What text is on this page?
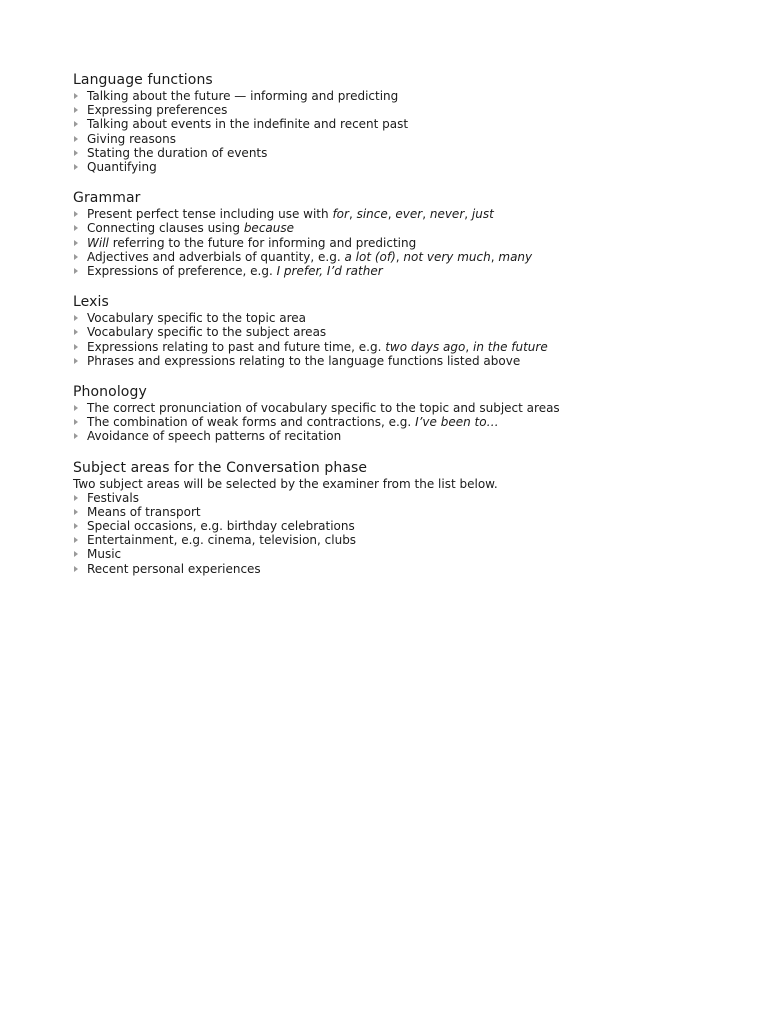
Language functions
Talking about the future — informing and predicting
Expressing preferences
Talking about events in the indefinite and recent past
Giving reasons
Stating the duration of events
Quantifying
Grammar
Present perfect tense including use with for, since, ever, never, just
Connecting clauses using because
Will referring to the future for informing and predicting
Adjectives and adverbials of quantity, e.g. a lot (of), not very much, many
Expressions of preference, e.g. I prefer, I’d rather
Lexis
Vocabulary specific to the topic area
Vocabulary specific to the subject areas
Expressions relating to past and future time, e.g. two days ago, in the future
Phrases and expressions relating to the language functions listed above
Phonology
The correct pronunciation of vocabulary specific to the topic and subject areas
The combination of weak forms and contractions, e.g. I’ve been to…
Avoidance of speech patterns of recitation
Subject areas for the Conversation phase

Two subject areas will be selected by the examiner from the list below.

Festivals
Means of transport
Special occasions, e.g. birthday celebrations
Entertainment, e.g. cinema, television, clubs
Music
Recent personal experiences
